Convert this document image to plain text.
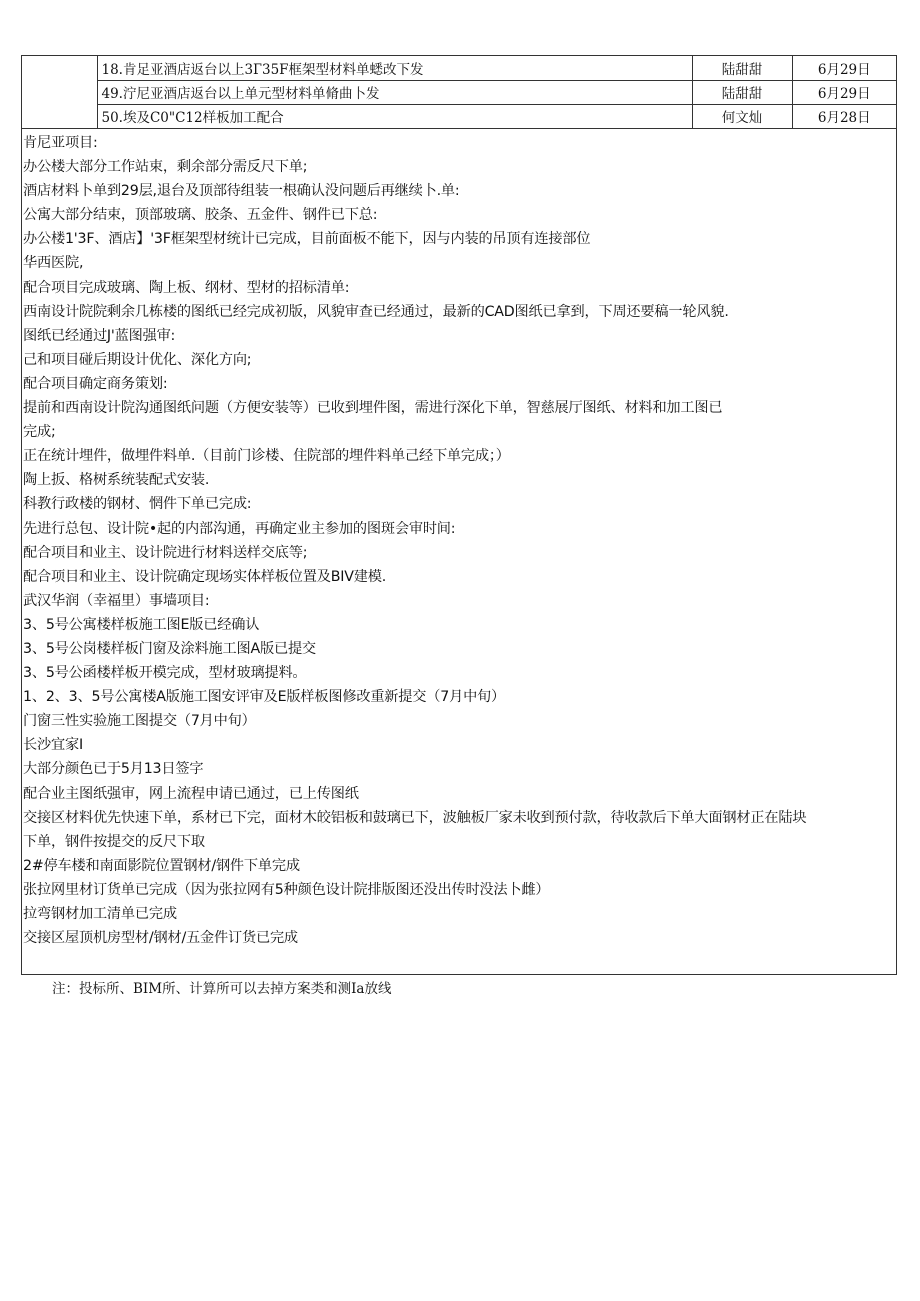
	18.肯足亚酒店返台以上3Г35F框架型材料单蟋改下发	陆甜甜	6月29日
	49.泞尼亚酒店返台以上单元型材料单脩曲卜发	陆甜甜	6月29日
	50.埃及C0"C12样板加工配合	何文灿	6月28日
肯尼亚项目:
办公楼大部分工作站束，剩余部分需反尺下单;
酒店材料卜单到29层,退台及顶部待组装一根确认没问题后再继续卜.单:
公寓大部分结束，顶部玻璃、胶条、五金件、钢件已下总:
办公楼1'3F、酒店】'3F框架型材统计已完成，目前面板不能下，因与内装的吊顶有连接部位
华西医院,
配合项目完成玻璃、陶上板、纲材、型材的招标清单:
西南设计院院剩余几栋楼的图纸已经完成初版，风貌审查已经通过，最新的CAD图纸已拿到，下周还要稿一轮风貌.
图纸已经通过J'蓝图强审:
己和项目碰后期设计优化、深化方向;
配合项目确定商务策划:
提前和西南设计院沟通图纸问题（方便安装等）已收到埋件图，需进行深化下单，智慈展厅图纸、材料和加工图已
完成;
正在统计埋件，做埋件料单.（目前门诊楼、住院部的埋件料单己经下单完成；）
陶上扳、格树系统装配式安装.
科教行政楼的钢材、惘件下单已完成:
先进行总包、设计院•起的内部沟通，再确定业主参加的图斑会审时间:
配合项目和业主、设计院进行材料送样交底等;
配合项目和业主、设计院确定现场实体样板位置及BIV建模.
武汉华润（幸福里）事墙项目:
3、5号公寓楼样板施工图E版已经确认
3、5号公岗楼样板门窗及涂料施工图A版已提交
3、5号公函楼样板开模完成，型材玻璃提料。
1、2、3、5号公寓楼A版施工图安评审及E版样板图修改重新提交（7月中旬）
门窗三性实验施工图提交（7月中旬）
长沙宜家I
大部分颜色已于5月13日签字
配合业主图纸强审，网上流程申请已通过，已上传图纸
交接区材料优先快速下单，系材已下完，面材木皎铝板和鼓璃已下，波触板厂家未收到预付款，待收款后下单大面钢材正在陆块
下单，钢件按提交的反尺下取
2#停车楼和南面影院位置钢材/钢件下单完成
张拉网里材订货单已完成（因为张拉网有5种颜色设计院排版图还没出传时没法卜雌）
拉弯钢材加工清单已完成
交接区屋顶机房型材/钢材/五金件订货已完成
注：投标所、BIM所、计算所可以去掉方案类和测Ia放线
